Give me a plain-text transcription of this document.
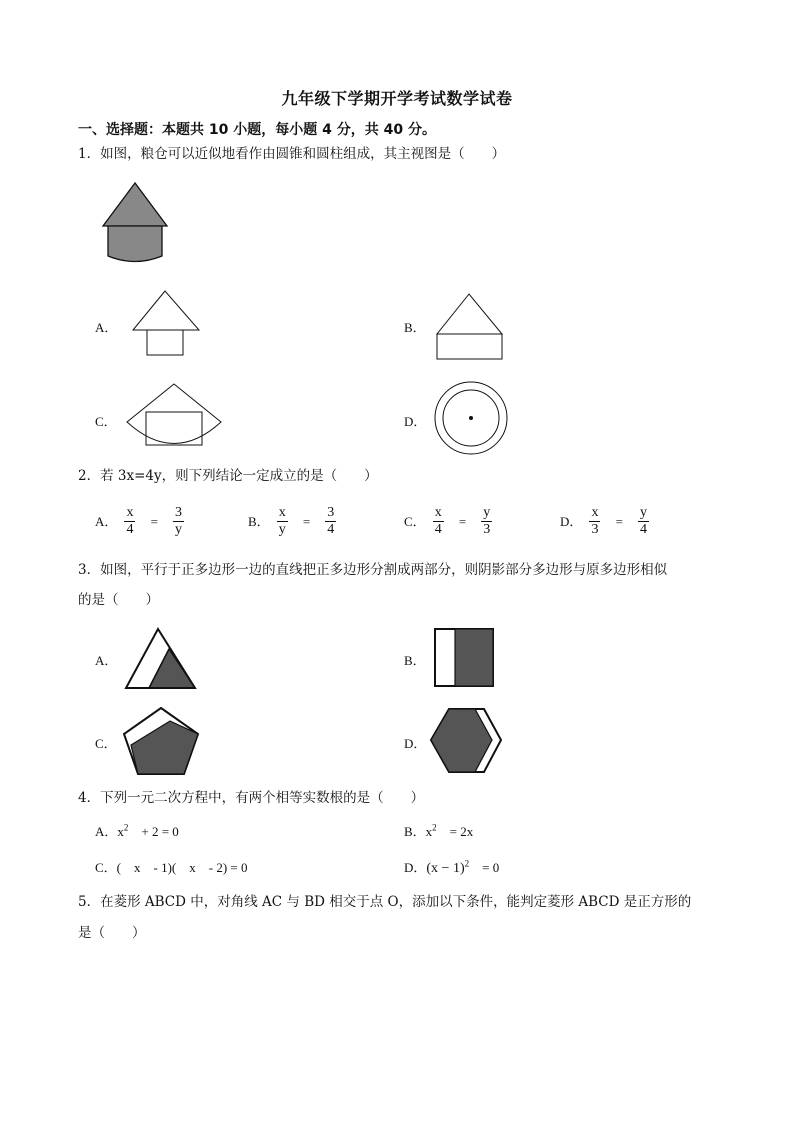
九年级下学期开学考试数学试卷
一、选择题：本题共 10 小题，每小题 4 分，共 40 分。
1．如图，粮仓可以近似地看作由圆锥和圆柱组成，其主视图是（　　）
A．	B．
C．	D．
2．若 3x=4y，则下列结论一定成立的是（　　）
A． $\frac{x}{4} = \frac{3}{y}$	B． $\frac{x}{y} = \frac{3}{4}$	C． $\frac{x}{4} = \frac{y}{3}$	D． $\frac{x}{3} = \frac{y}{4}$
3．如图，平行于正多边形一边的直线把正多边形分割成两部分，则阴影部分多边形与原多边形相似
的是（　　）
A．	B．
C．	D．
4．下列一元二次方程中，有两个相等实数根的是（　　）
A．$x^2$　+ 2 = 0	B．$x^2$　= 2x
C．(　x　- 1)(　x　- 2) = 0	D．$(x - 1)^2$　= 0
5．在菱形 ABCD 中，对角线 AC 与 BD 相交于点 O，添加以下条件，能判定菱形 ABCD 是正方形的
是（　　）
